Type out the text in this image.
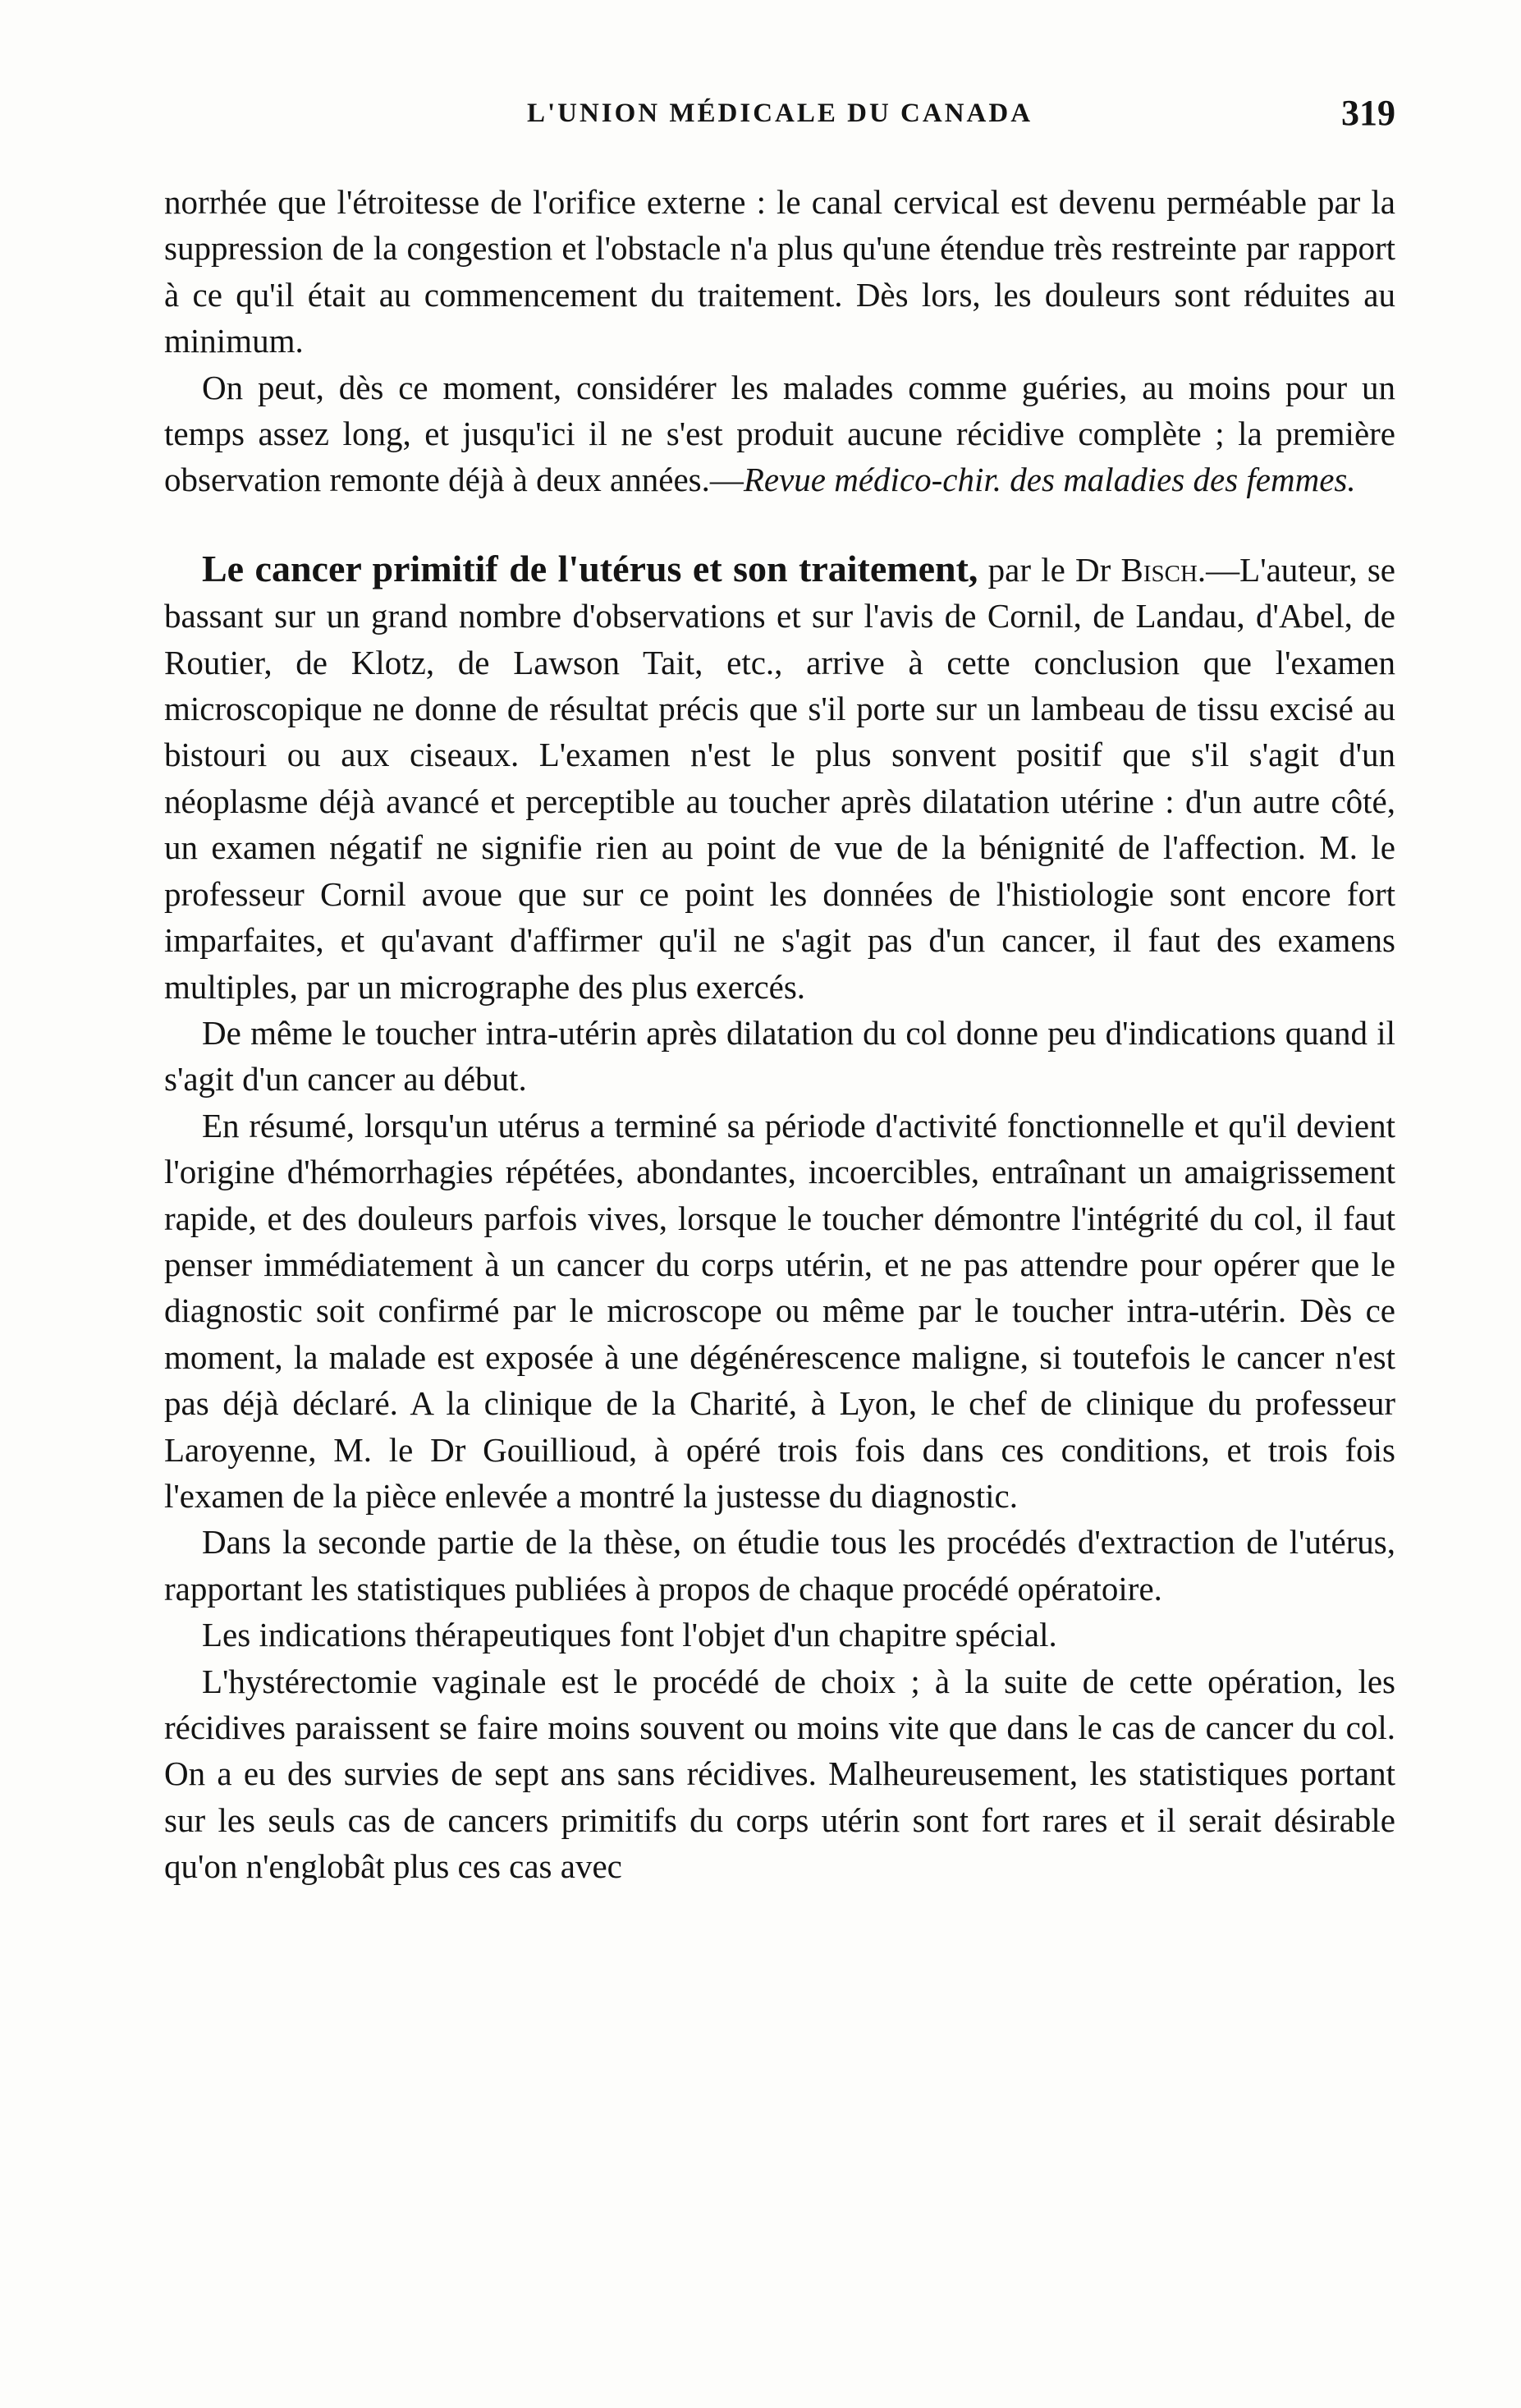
L'UNION MÉDICALE DU CANADA	319

norrhée que l'étroitesse de l'orifice externe : le canal cervical est devenu perméable par la suppression de la congestion et l'obstacle n'a plus qu'une étendue très restreinte par rapport à ce qu'il était au commencement du traitement. Dès lors, les douleurs sont réduites au minimum.

On peut, dès ce moment, considérer les malades comme guéries, au moins pour un temps assez long, et jusqu'ici il ne s'est produit aucune récidive complète ; la première observation remonte déjà à deux années.—Revue médico-chir. des maladies des femmes.

Le cancer primitif de l'utérus et son traitement, par le Dr Bisch.—L'auteur, se bassant sur un grand nombre d'observations et sur l'avis de Cornil, de Landau, d'Abel, de Routier, de Klotz, de Lawson Tait, etc., arrive à cette conclusion que l'examen microscopique ne donne de résultat précis que s'il porte sur un lambeau de tissu excisé au bistouri ou aux ciseaux. L'examen n'est le plus sonvent positif que s'il s'agit d'un néoplasme déjà avancé et perceptible au toucher après dilatation utérine : d'un autre côté, un examen négatif ne signifie rien au point de vue de la bénignité de l'affection. M. le professeur Cornil avoue que sur ce point les données de l'histiologie sont encore fort imparfaites, et qu'avant d'affirmer qu'il ne s'agit pas d'un cancer, il faut des examens multiples, par un micrographe des plus exercés.

De même le toucher intra-utérin après dilatation du col donne peu d'indications quand il s'agit d'un cancer au début.

En résumé, lorsqu'un utérus a terminé sa période d'activité fonctionnelle et qu'il devient l'origine d'hémorrhagies répétées, abondantes, incoercibles, entraînant un amaigrissement rapide, et des douleurs parfois vives, lorsque le toucher démontre l'intégrité du col, il faut penser immédiatement à un cancer du corps utérin, et ne pas attendre pour opérer que le diagnostic soit confirmé par le microscope ou même par le toucher intra-utérin. Dès ce moment, la malade est exposée à une dégénérescence maligne, si toutefois le cancer n'est pas déjà déclaré. A la clinique de la Charité, à Lyon, le chef de clinique du professeur Laroyenne, M. le Dr Gouillioud, à opéré trois fois dans ces conditions, et trois fois l'examen de la pièce enlevée a montré la justesse du diagnostic.

Dans la seconde partie de la thèse, on étudie tous les procédés d'extraction de l'utérus, rapportant les statistiques publiées à propos de chaque procédé opératoire.

Les indications thérapeutiques font l'objet d'un chapitre spécial.

L'hystérectomie vaginale est le procédé de choix ; à la suite de cette opération, les récidives paraissent se faire moins souvent ou moins vite que dans le cas de cancer du col. On a eu des survies de sept ans sans récidives. Malheureusement, les statistiques portant sur les seuls cas de cancers primitifs du corps utérin sont fort rares et il serait désirable qu'on n'englobât plus ces cas avec
